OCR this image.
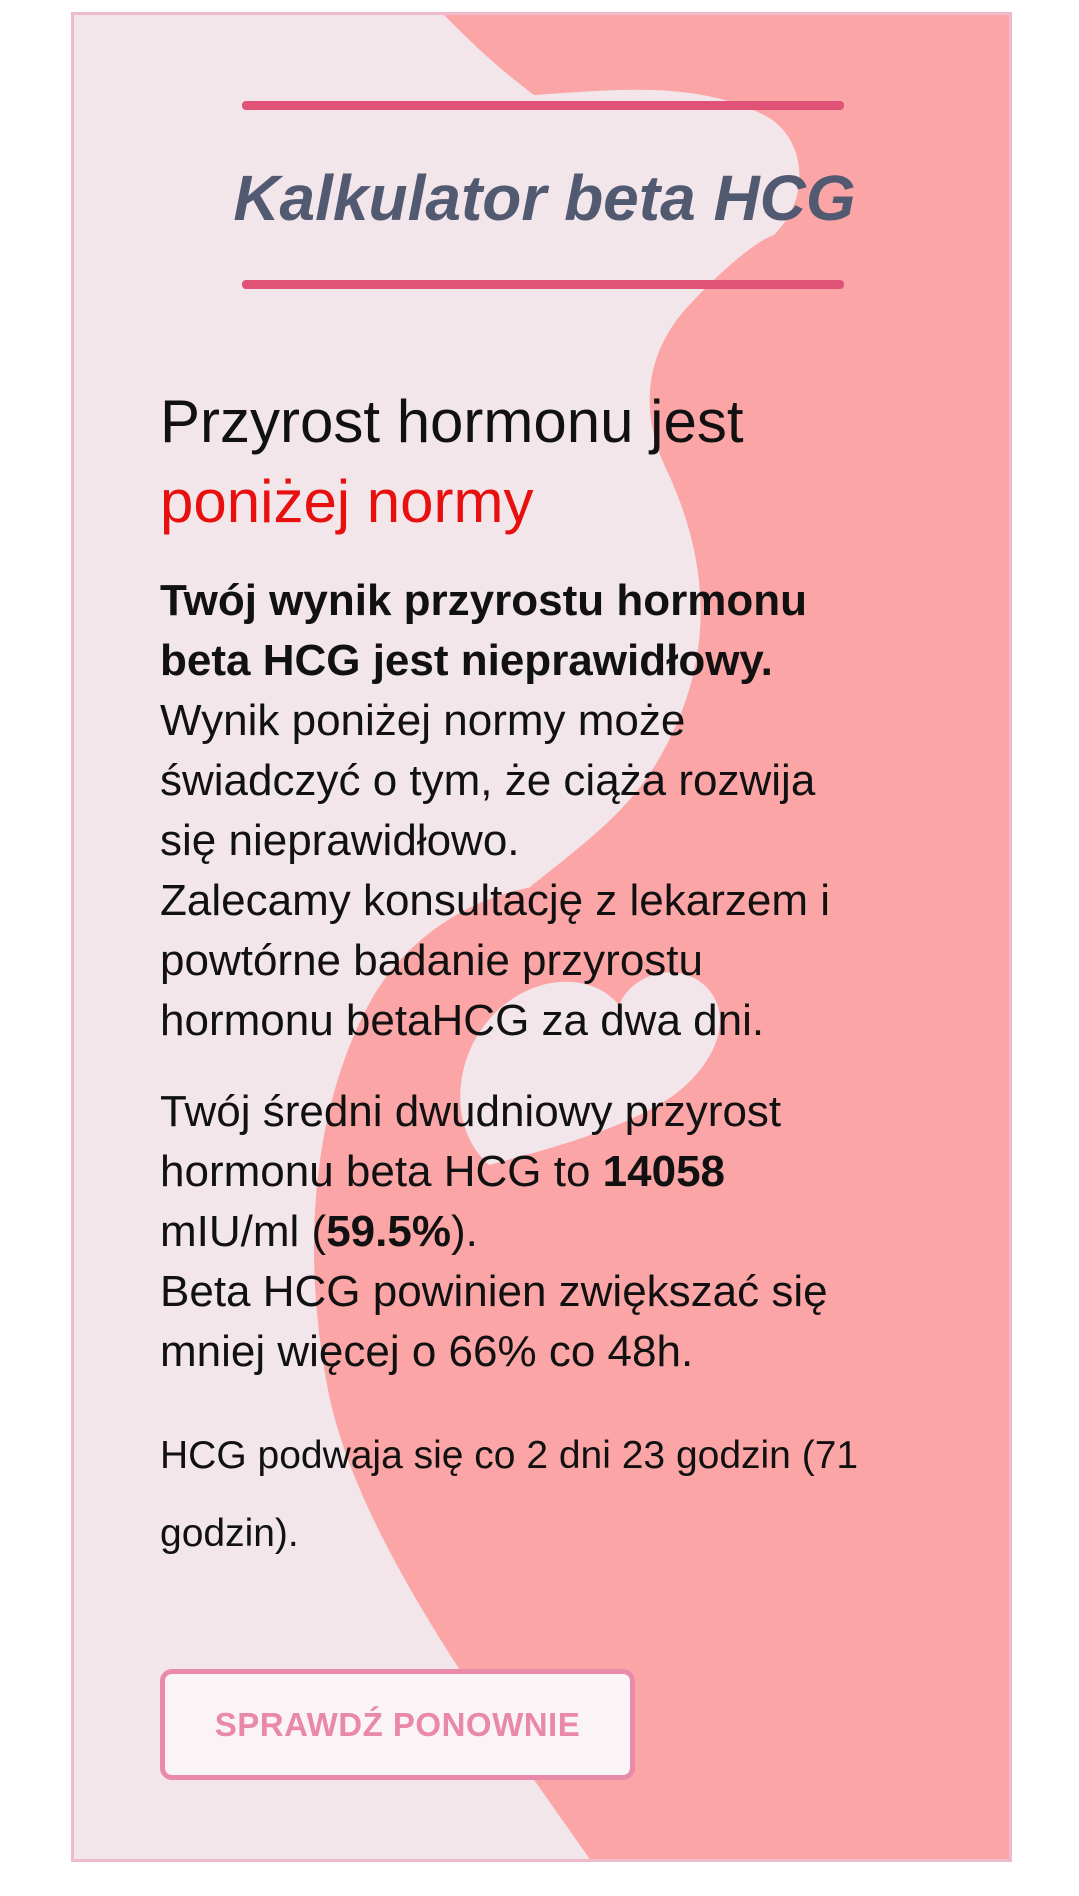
Kalkulator beta HCG
Przyrost hormonu jest
poniżej normy
Twój wynik przyrostu hormonu
beta HCG jest nieprawidłowy.
Wynik poniżej normy może
świadczyć o tym, że ciąża rozwija
się nieprawidłowo.
Zalecamy konsultację z lekarzem i
powtórne badanie przyrostu
hormonu betaHCG za dwa dni.
Twój średni dwudniowy przyrost
hormonu beta HCG to 14058
mIU/ml (59.5%).
Beta HCG powinien zwiększać się
mniej więcej o 66% co 48h.
HCG podwaja się co 2 dni 23 godzin (71 godzin).
SPRAWDŹ PONOWNIE
